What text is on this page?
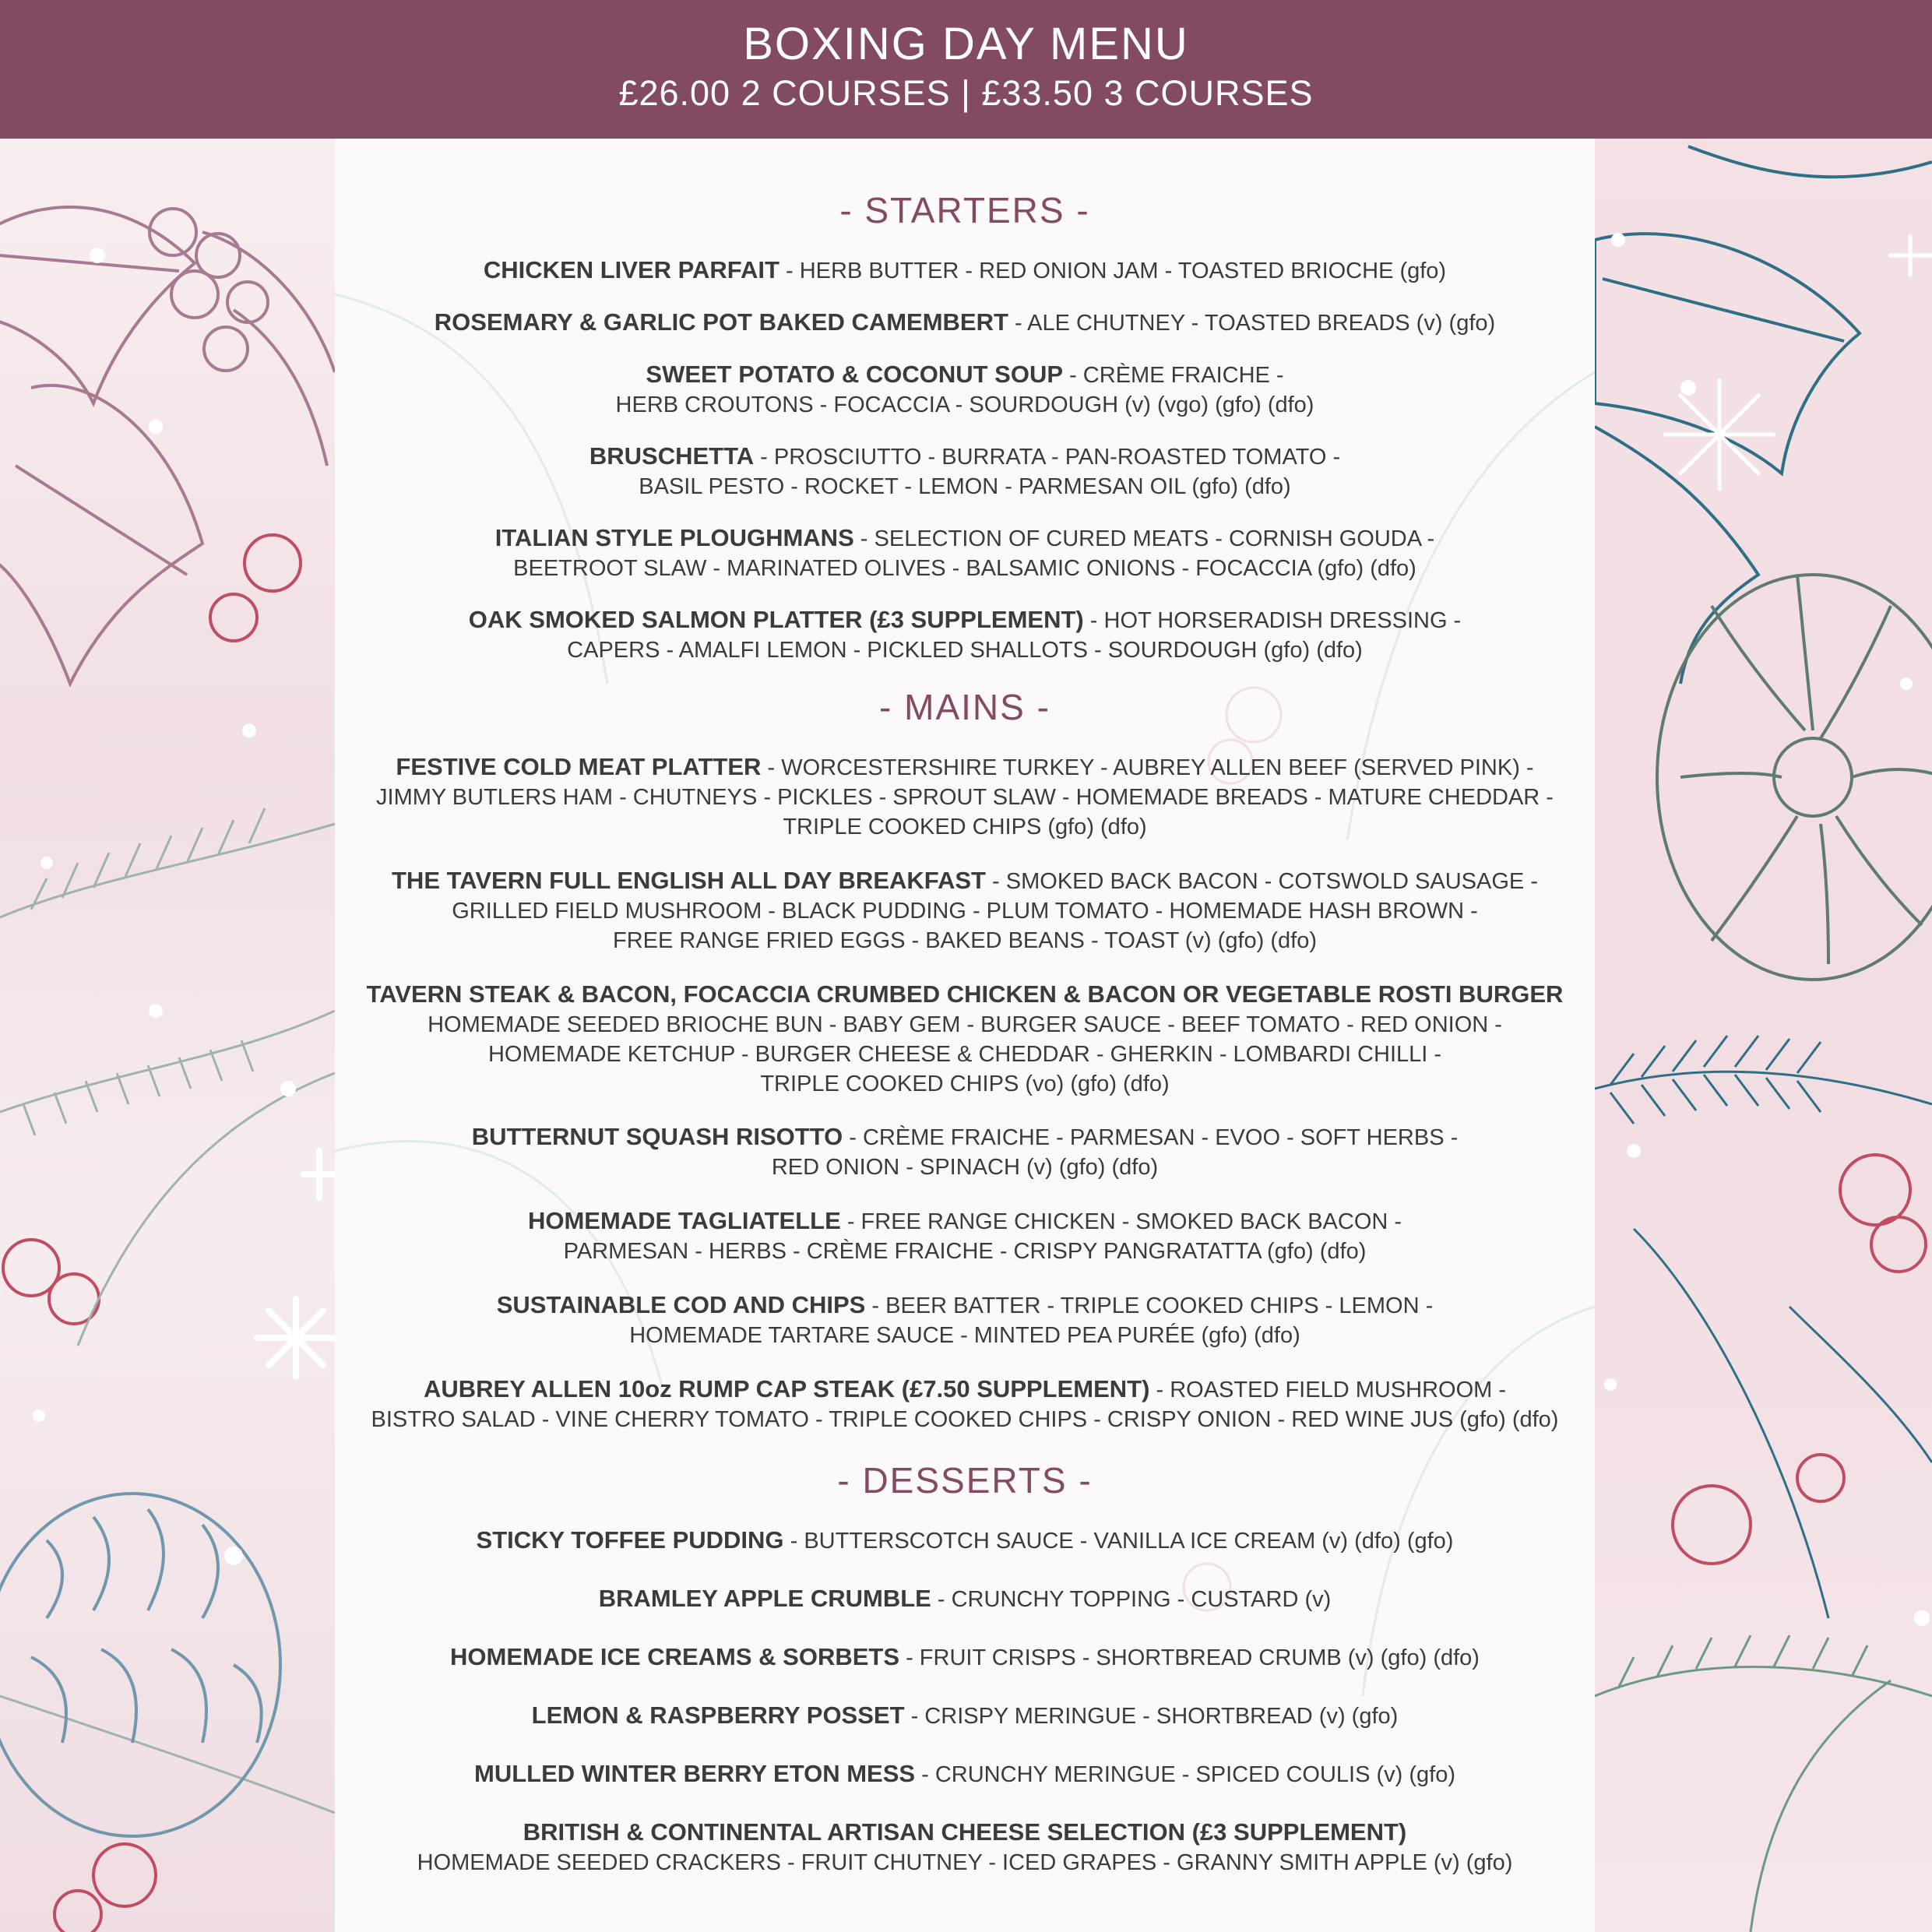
BOXING DAY MENU
£26.00 2 COURSES | £33.50 3 COURSES
- STARTERS -
CHICKEN LIVER PARFAIT - HERB BUTTER - RED ONION JAM - TOASTED BRIOCHE (gfo)
ROSEMARY & GARLIC POT BAKED CAMEMBERT - ALE CHUTNEY - TOASTED BREADS (v) (gfo)
SWEET POTATO & COCONUT SOUP - CRÈME FRAICHE -
HERB CROUTONS - FOCACCIA - SOURDOUGH (v) (vgo) (gfo) (dfo)
BRUSCHETTA - PROSCIUTTO - BURRATA - PAN-ROASTED TOMATO -
BASIL PESTO - ROCKET - LEMON - PARMESAN OIL (gfo) (dfo)
ITALIAN STYLE PLOUGHMANS - SELECTION OF CURED MEATS - CORNISH GOUDA -
BEETROOT SLAW - MARINATED OLIVES - BALSAMIC ONIONS - FOCACCIA (gfo) (dfo)
OAK SMOKED SALMON PLATTER (£3 SUPPLEMENT) - HOT HORSERADISH DRESSING -
CAPERS - AMALFI LEMON - PICKLED SHALLOTS - SOURDOUGH (gfo) (dfo)
- MAINS -
FESTIVE COLD MEAT PLATTER - WORCESTERSHIRE TURKEY - AUBREY ALLEN BEEF (SERVED PINK) -
JIMMY BUTLERS HAM - CHUTNEYS - PICKLES - SPROUT SLAW - HOMEMADE BREADS - MATURE CHEDDAR -
TRIPLE COOKED CHIPS (gfo) (dfo)
THE TAVERN FULL ENGLISH ALL DAY BREAKFAST - SMOKED BACK BACON - COTSWOLD SAUSAGE -
GRILLED FIELD MUSHROOM - BLACK PUDDING - PLUM TOMATO - HOMEMADE HASH BROWN -
FREE RANGE FRIED EGGS - BAKED BEANS - TOAST (v) (gfo) (dfo)
TAVERN STEAK & BACON, FOCACCIA CRUMBED CHICKEN & BACON OR VEGETABLE ROSTI BURGER
HOMEMADE SEEDED BRIOCHE BUN - BABY GEM - BURGER SAUCE - BEEF TOMATO - RED ONION -
HOMEMADE KETCHUP - BURGER CHEESE & CHEDDAR - GHERKIN - LOMBARDI CHILLI -
TRIPLE COOKED CHIPS (vo) (gfo) (dfo)
BUTTERNUT SQUASH RISOTTO - CRÈME FRAICHE - PARMESAN - EVOO - SOFT HERBS -
RED ONION - SPINACH (v) (gfo) (dfo)
HOMEMADE TAGLIATELLE - FREE RANGE CHICKEN - SMOKED BACK BACON -
PARMESAN - HERBS - CRÈME FRAICHE - CRISPY PANGRATATTA (gfo) (dfo)
SUSTAINABLE COD AND CHIPS - BEER BATTER - TRIPLE COOKED CHIPS - LEMON -
HOMEMADE TARTARE SAUCE - MINTED PEA PURÉE (gfo) (dfo)
AUBREY ALLEN 10oz RUMP CAP STEAK (£7.50 SUPPLEMENT) - ROASTED FIELD MUSHROOM -
BISTRO SALAD - VINE CHERRY TOMATO - TRIPLE COOKED CHIPS - CRISPY ONION - RED WINE JUS (gfo) (dfo)
- DESSERTS -
STICKY TOFFEE PUDDING - BUTTERSCOTCH SAUCE - VANILLA ICE CREAM (v) (dfo) (gfo)
BRAMLEY APPLE CRUMBLE - CRUNCHY TOPPING - CUSTARD (v)
HOMEMADE ICE CREAMS & SORBETS - FRUIT CRISPS - SHORTBREAD CRUMB (v) (gfo) (dfo)
LEMON & RASPBERRY POSSET - CRISPY MERINGUE - SHORTBREAD (v) (gfo)
MULLED WINTER BERRY ETON MESS - CRUNCHY MERINGUE - SPICED COULIS (v) (gfo)
BRITISH & CONTINENTAL ARTISAN CHEESE SELECTION (£3 SUPPLEMENT)
HOMEMADE SEEDED CRACKERS - FRUIT CHUTNEY - ICED GRAPES - GRANNY SMITH APPLE (v) (gfo)
